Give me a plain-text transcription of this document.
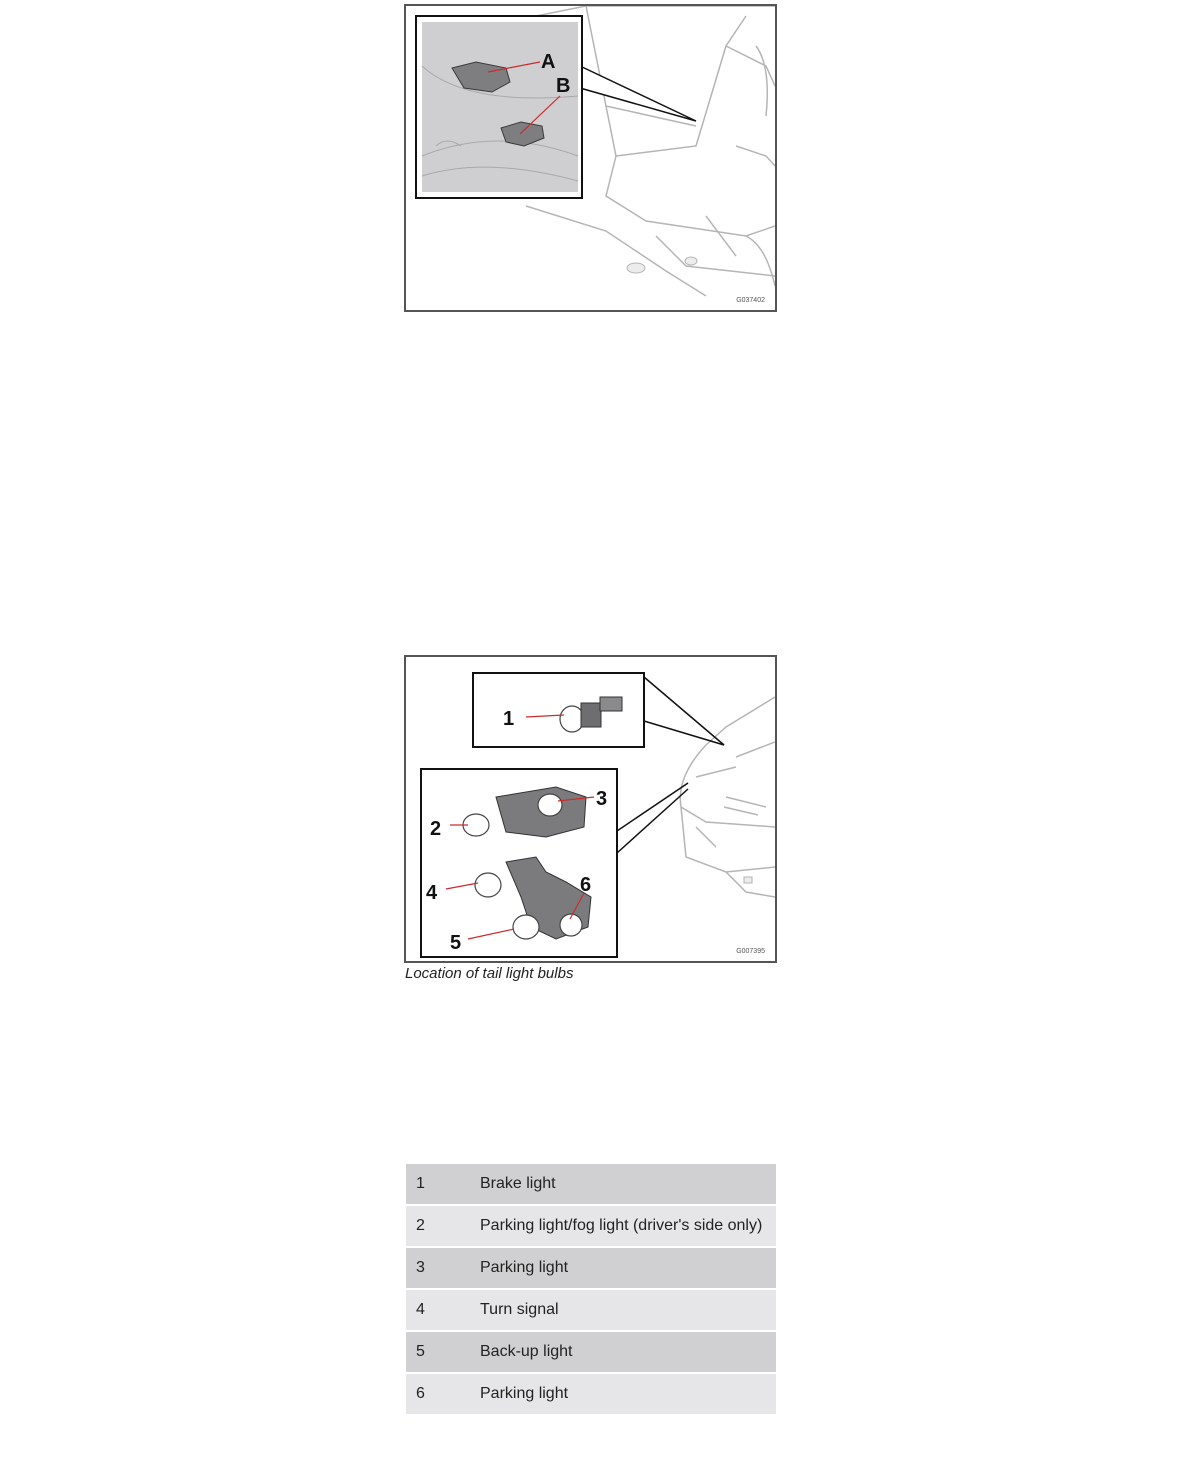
A
B
G037402
1
2
3
4
5
6
G007395
Location of tail light bulbs
1	Brake light
2	Parking light/fog light (driver's side only)
3	Parking light
4	Turn signal
5	Back-up light
6	Parking light
